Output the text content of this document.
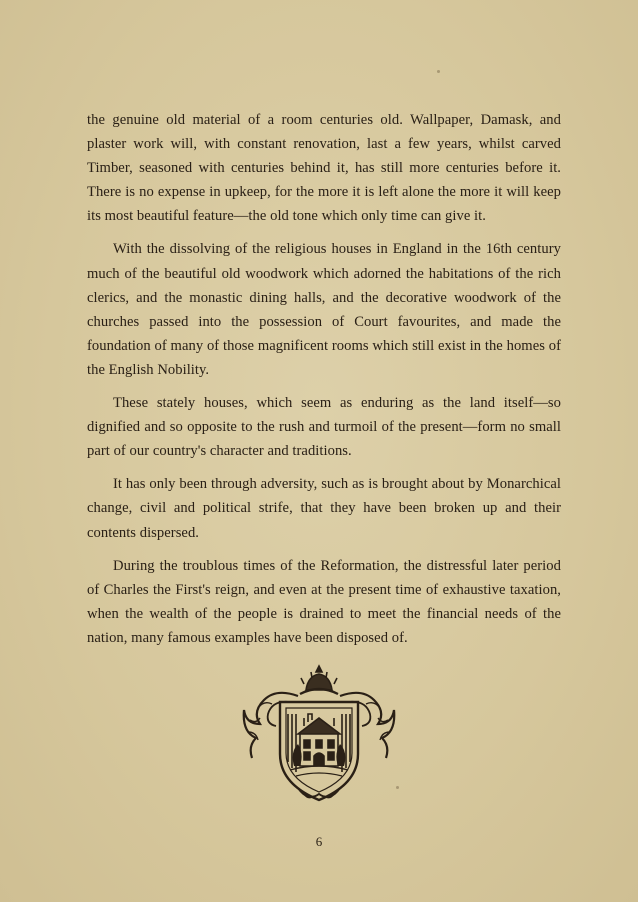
the genuine old material of a room centuries old. Wallpaper, Damask, and plaster work will, with constant renovation, last a few years, whilst carved Timber, seasoned with centuries behind it, has still more centuries before it. There is no expense in upkeep, for the more it is left alone the more it will keep its most beautiful feature—the old tone which only time can give it.

With the dissolving of the religious houses in England in the 16th century much of the beautiful old woodwork which adorned the habitations of the rich clerics, and the monastic dining halls, and the decorative woodwork of the churches passed into the possession of Court favourites, and made the foundation of many of those magnificent rooms which still exist in the homes of the English Nobility.

These stately houses, which seem as enduring as the land itself—so dignified and so opposite to the rush and turmoil of the present—form no small part of our country's character and traditions.

It has only been through adversity, such as is brought about by Monarchical change, civil and political strife, that they have been broken up and their contents dispersed.

During the troublous times of the Reformation, the distressful later period of Charles the First's reign, and even at the present time of exhaustive taxation, when the wealth of the people is drained to meet the financial needs of the nation, many famous examples have been disposed of.

6
